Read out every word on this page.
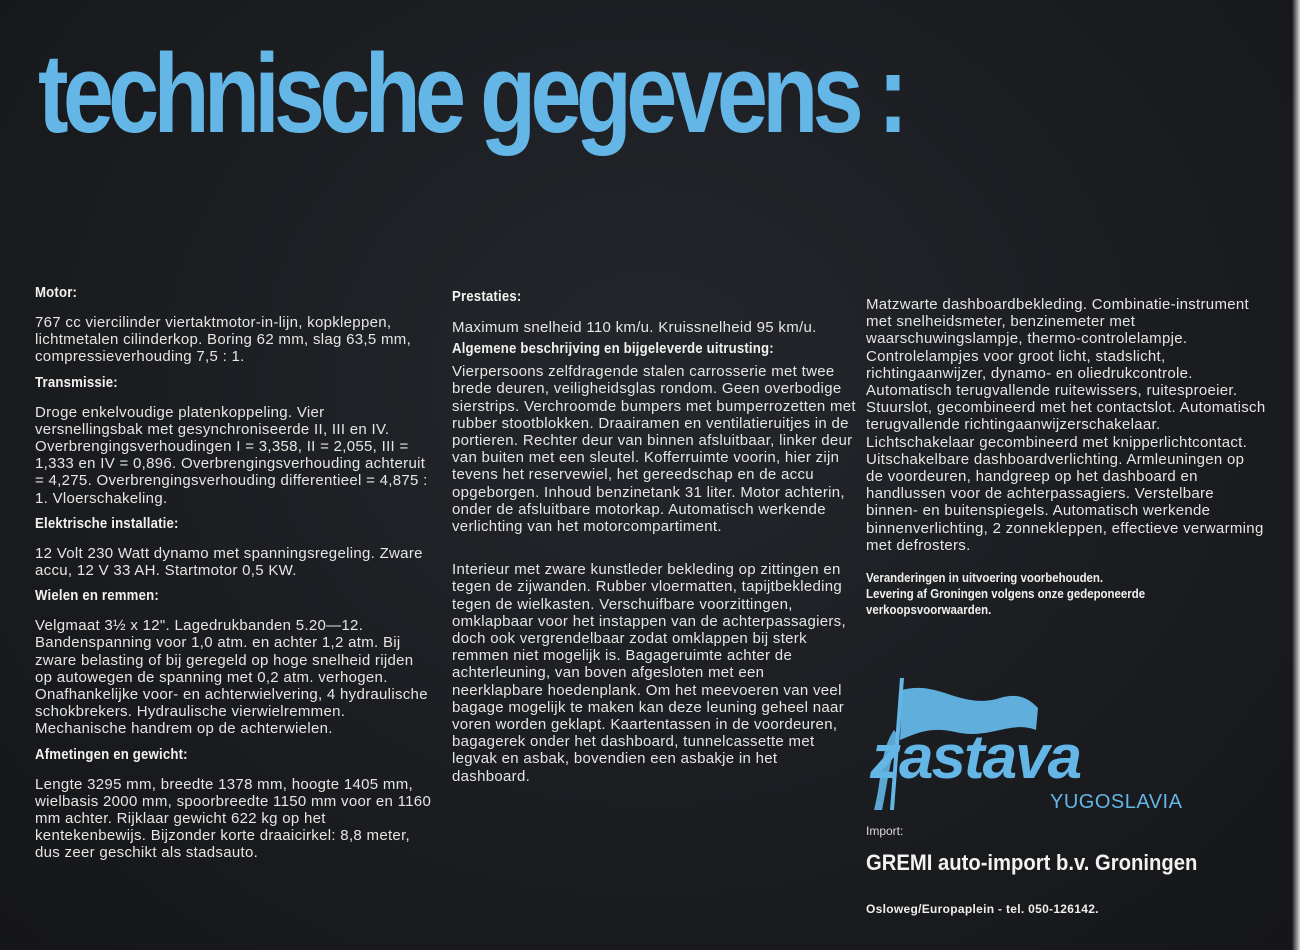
technische gegevens :

Motor:

767 cc viercilinder viertaktmotor-in-lijn, kopkleppen, lichtmetalen cilinderkop. Boring 62 mm, slag 63,5 mm, compressieverhouding 7,5 : 1.

Transmissie:

Droge enkelvoudige platenkoppeling. Vier versnellingsbak met gesynchroniseerde II, III en IV. Overbrengingsverhoudingen I = 3,358, II = 2,055, III = 1,333 en IV = 0,896. Overbrengingsverhouding achteruit = 4,275. Overbrengingsverhouding differentieel = 4,875 : 1. Vloerschakeling.

Elektrische installatie:

12 Volt 230 Watt dynamo met spanningsregeling. Zware accu, 12 V 33 AH. Startmotor 0,5 KW.

Wielen en remmen:

Velgmaat 3½ x 12". Lagedrukbanden 5.20—12. Bandenspanning voor 1,0 atm. en achter 1,2 atm. Bij zware belasting of bij geregeld op hoge snelheid rijden op autowegen de spanning met 0,2 atm. verhogen. Onafhankelijke voor- en achterwielvering, 4 hydraulische schokbrekers. Hydraulische vierwielremmen. Mechanische handrem op de achterwielen.

Afmetingen en gewicht:

Lengte 3295 mm, breedte 1378 mm, hoogte 1405 mm, wielbasis 2000 mm, spoorbreedte 1150 mm voor en 1160 mm achter. Rijklaar gewicht 622 kg op het kentekenbewijs. Bijzonder korte draaicirkel: 8,8 meter, dus zeer geschikt als stadsauto.

Prestaties:

Maximum snelheid 110 km/u. Kruissnelheid 95 km/u.

Algemene beschrijving en bijgeleverde uitrusting:

Vierpersoons zelfdragende stalen carrosserie met twee brede deuren, veiligheidsglas rondom. Geen overbodige sierstrips. Verchroomde bumpers met bumperrozetten met rubber stootblokken. Draairamen en ventilatieruitjes in de portieren. Rechter deur van binnen afsluitbaar, linker deur van buiten met een sleutel. Kofferruimte voorin, hier zijn tevens het reservewiel, het gereedschap en de accu opgeborgen. Inhoud benzinetank 31 liter. Motor achterin, onder de afsluitbare motorkap. Automatisch werkende verlichting van het motorcompartiment.

Interieur met zware kunstleder bekleding op zittingen en tegen de zijwanden. Rubber vloermatten, tapijtbekleding tegen de wielkasten. Verschuifbare voorzittingen, omklapbaar voor het instappen van de achterpassagiers, doch ook vergrendelbaar zodat omklappen bij sterk remmen niet mogelijk is. Bagageruimte achter de achterleuning, van boven afgesloten met een neerklapbare hoedenplank. Om het meevoeren van veel bagage mogelijk te maken kan deze leuning geheel naar voren worden geklapt. Kaartentassen in de voordeuren, bagagerek onder het dashboard, tunnelcassette met legvak en asbak, bovendien een asbakje in het dashboard.

Matzwarte dashboardbekleding. Combinatie-instrument met snelheidsmeter, benzinemeter met waarschuwingslampje, thermo-controlelampje. Controlelampjes voor groot licht, stadslicht, richtingaanwijzer, dynamo- en oliedrukcontrole. Automatisch terugvallende ruitewissers, ruitesproeier. Stuurslot, gecombineerd met het contactslot. Automatisch terugvallende richtingaanwijzerschakelaar. Lichtschakelaar gecombineerd met knipperlichtcontact. Uitschakelbare dashboardverlichting. Armleuningen op de voordeuren, handgreep op het dashboard en handlussen voor de achterpassagiers. Verstelbare binnen- en buitenspiegels. Automatisch werkende binnenverlichting, 2 zonnekleppen, effectieve verwarming met defrosters.

Veranderingen in uitvoering voorbehouden.
Levering af Groningen volgens onze gedeponeerde
verkoopsvoorwaarden.

zastava
YUGOSLAVIA
Import:
GREMI auto-import b.v. Groningen
Osloweg/Europaplein - tel. 050-126142.
